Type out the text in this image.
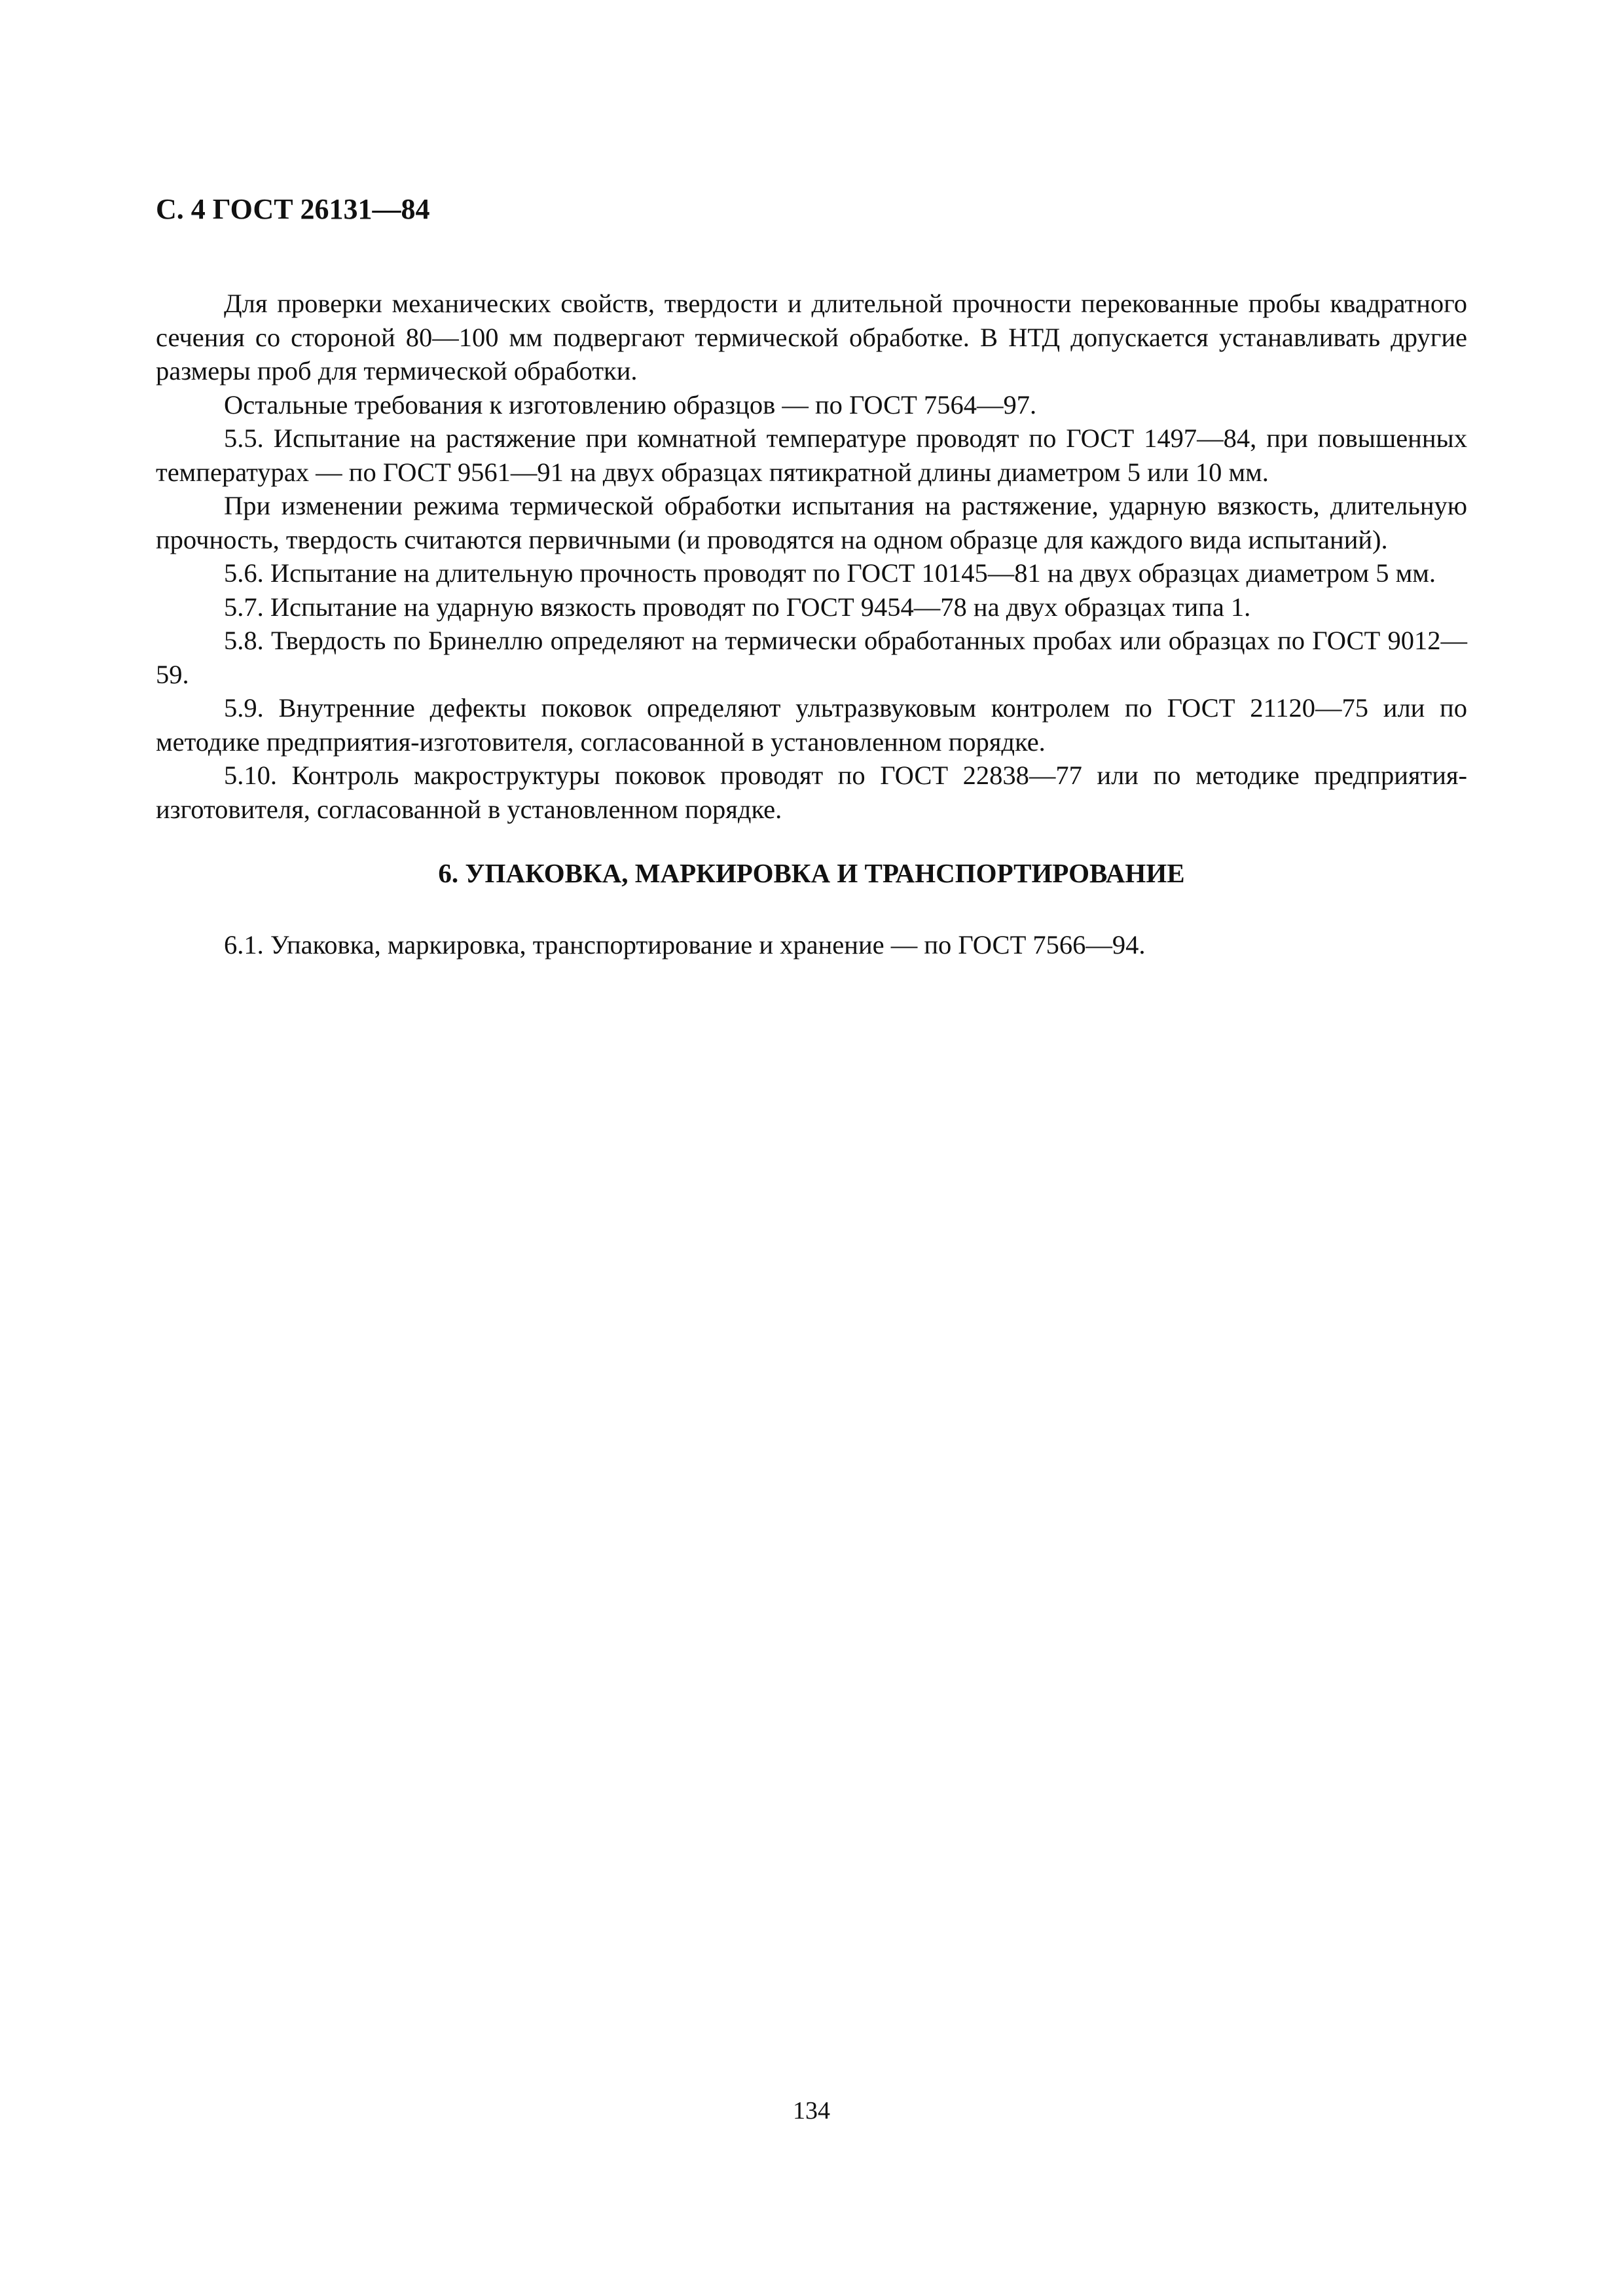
С. 4 ГОСТ 26131—84

Для проверки механических свойств, твердости и длительной прочности перекованные пробы квадратного сечения со стороной 80—100 мм подвергают термической обработке. В НТД допускается устанавливать другие размеры проб для термической обработки.

Остальные требования к изготовлению образцов — по ГОСТ 7564—97.

5.5. Испытание на растяжение при комнатной температуре проводят по ГОСТ 1497—84, при повышенных температурах — по ГОСТ 9561—91 на двух образцах пятикратной длины диаметром 5 или 10 мм.

При изменении режима термической обработки испытания на растяжение, ударную вязкость, длительную прочность, твердость считаются первичными (и проводятся на одном образце для каждого вида испытаний).

5.6. Испытание на длительную прочность проводят по ГОСТ 10145—81 на двух образцах диаметром 5 мм.

5.7. Испытание на ударную вязкость проводят по ГОСТ 9454—78 на двух образцах типа 1.

5.8. Твердость по Бринеллю определяют на термически обработанных пробах или образцах по ГОСТ 9012—59.

5.9. Внутренние дефекты поковок определяют ультразвуковым контролем по ГОСТ 21120—75 или по методике предприятия-изготовителя, согласованной в установленном порядке.

5.10. Контроль макроструктуры поковок проводят по ГОСТ 22838—77 или по методике предприятия-изготовителя, согласованной в установленном порядке.

6. УПАКОВКА, МАРКИРОВКА И ТРАНСПОРТИРОВАНИЕ

6.1. Упаковка, маркировка, транспортирование и хранение — по ГОСТ 7566—94.

134
